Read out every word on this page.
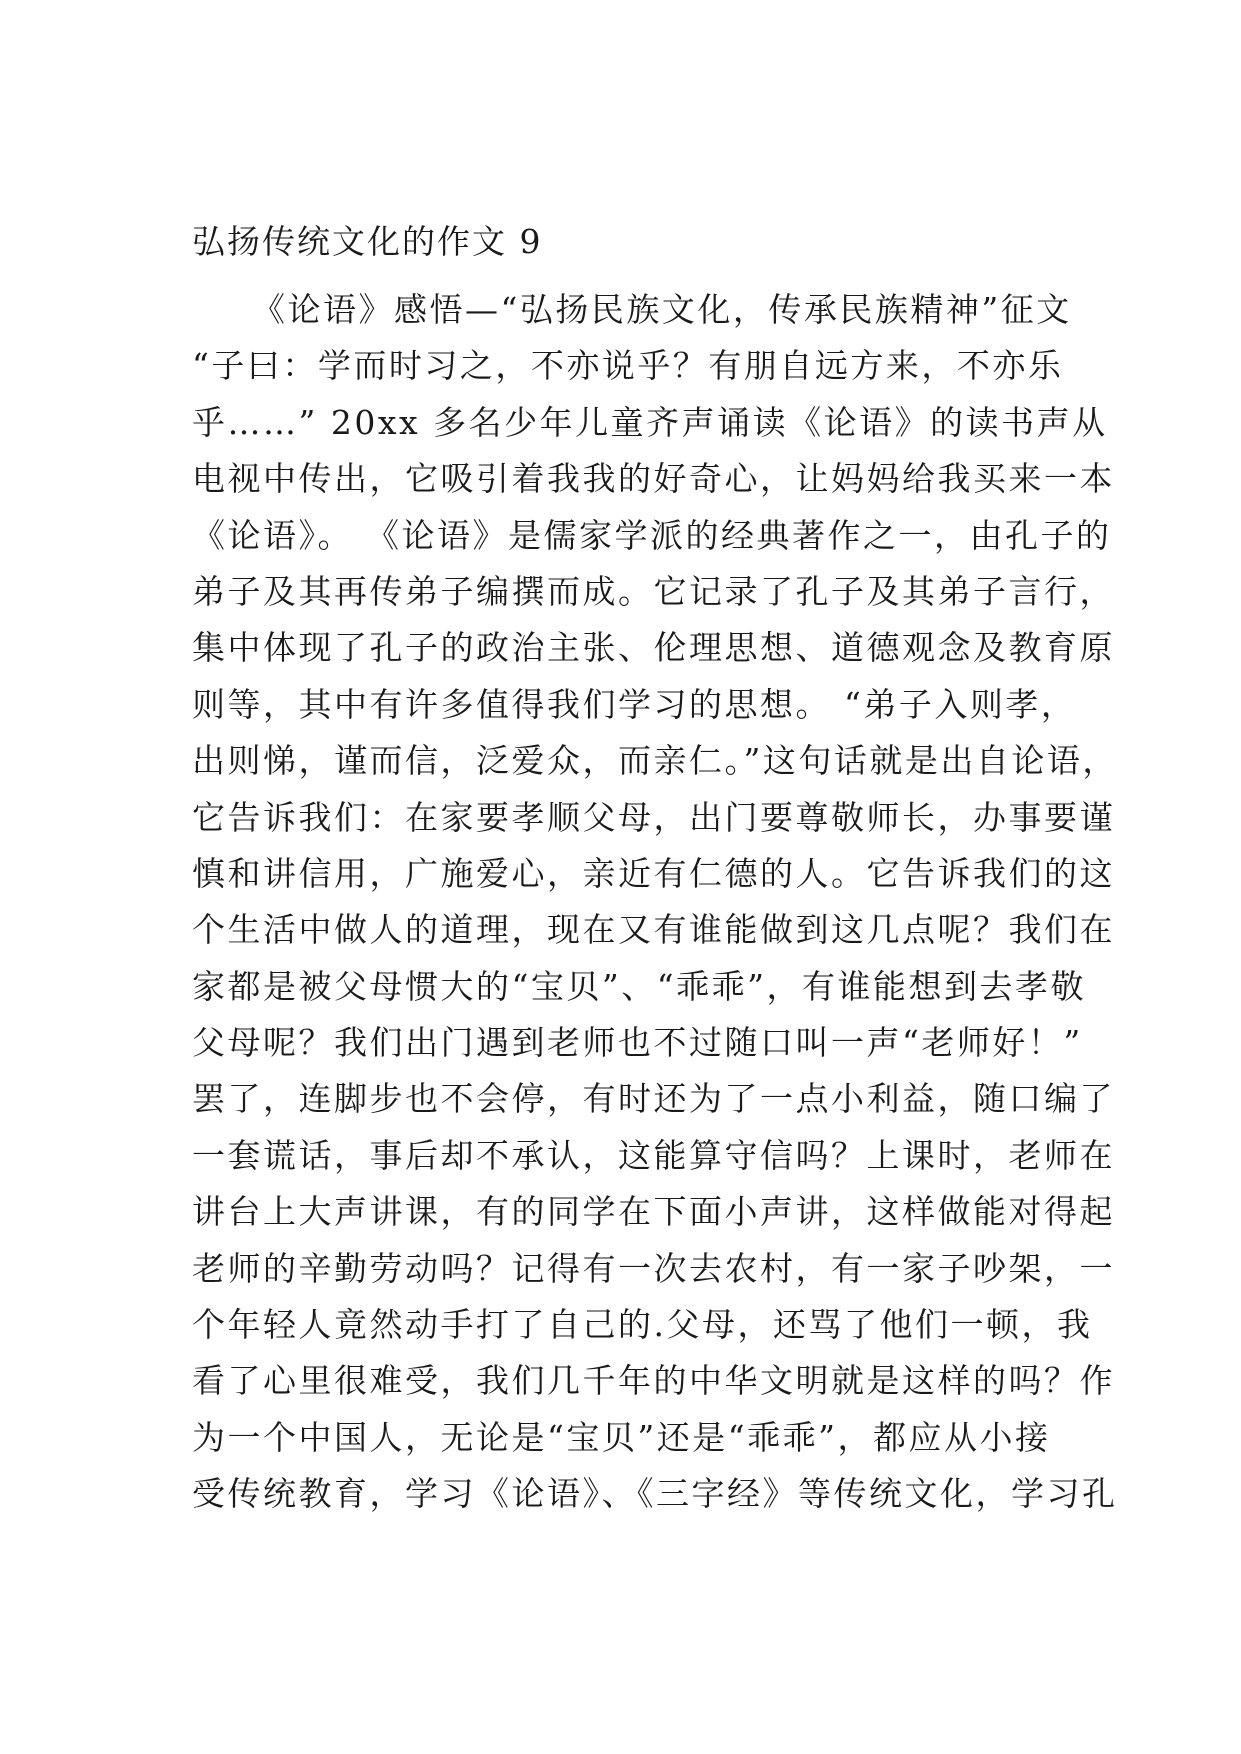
弘扬传统文化的作文 9
《论语》感悟—“弘扬民族文化，传承民族精神”征文
“子曰：学而时习之，不亦说乎？有朋自远方来，不亦乐
乎……” 20xx 多名少年儿童齐声诵读《论语》的读书声从
电视中传出，它吸引着我我的好奇心，让妈妈给我买来一本
《论语》。 《论语》是儒家学派的经典著作之一，由孔子的
弟子及其再传弟子编撰而成。它记录了孔子及其弟子言行，
集中体现了孔子的政治主张、伦理思想、道德观念及教育原
则等，其中有许多值得我们学习的思想。 “弟子入则孝，
出则悌，谨而信，泛爱众，而亲仁。”这句话就是出自论语，
它告诉我们：在家要孝顺父母，出门要尊敬师长，办事要谨
慎和讲信用，广施爱心，亲近有仁德的人。它告诉我们的这
个生活中做人的道理，现在又有谁能做到这几点呢？我们在
家都是被父母惯大的“宝贝”、“乖乖”，有谁能想到去孝敬
父母呢？我们出门遇到老师也不过随口叫一声“老师好！”
罢了，连脚步也不会停，有时还为了一点小利益，随口编了
一套谎话，事后却不承认，这能算守信吗？上课时，老师在
讲台上大声讲课，有的同学在下面小声讲，这样做能对得起
老师的辛勤劳动吗？记得有一次去农村，有一家子吵架，一
个年轻人竟然动手打了自己的.父母，还骂了他们一顿，我
看了心里很难受，我们几千年的中华文明就是这样的吗？作
为一个中国人，无论是“宝贝”还是“乖乖”，都应从小接
受传统教育，学习《论语》、《三字经》等传统文化，学习孔
